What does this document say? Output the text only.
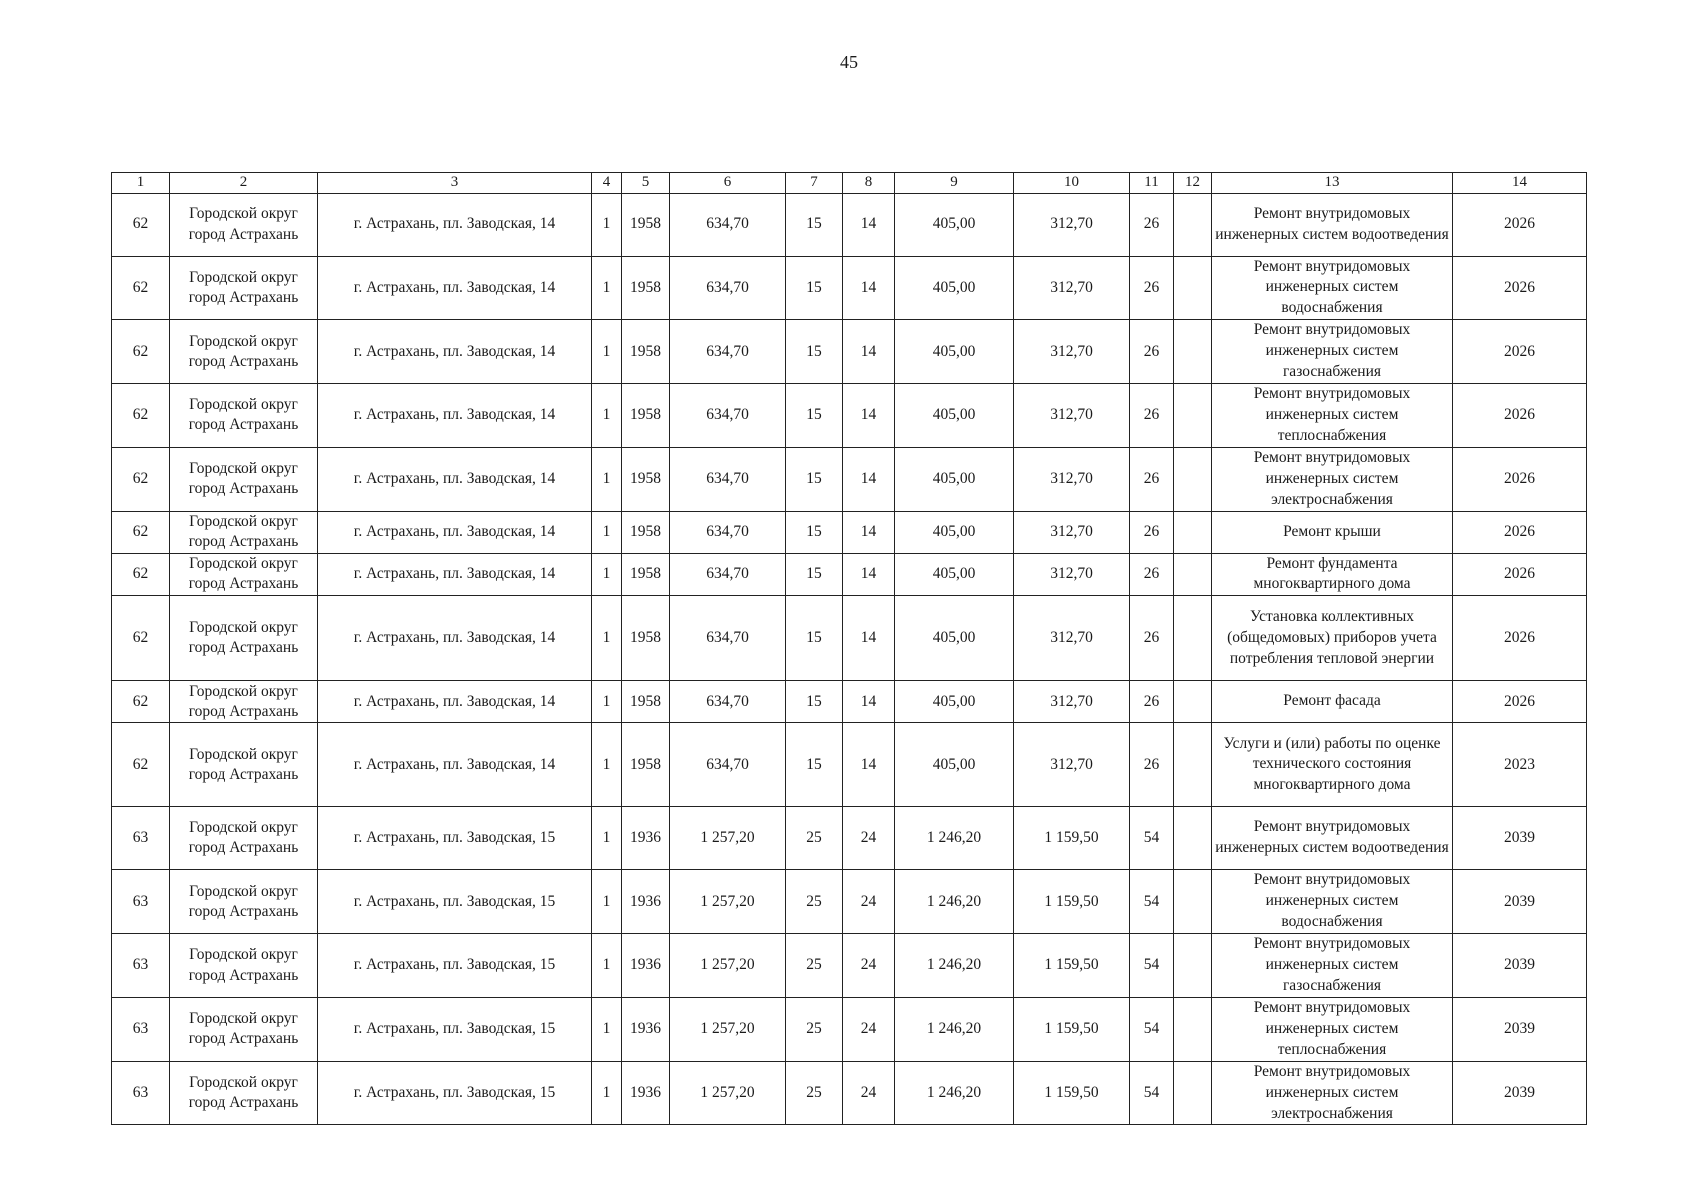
45
1	2	3	4	5	6	7	8	9	10	11	12	13	14
62	Городской округ город Астрахань	г. Астрахань, пл. Заводская, 14	1	1958	634,70	15	14	405,00	312,70	26		Ремонт внутридомовых инженерных систем водоотведения	2026
62	Городской округ город Астрахань	г. Астрахань, пл. Заводская, 14	1	1958	634,70	15	14	405,00	312,70	26		Ремонт внутридомовых инженерных систем водоснабжения	2026
62	Городской округ город Астрахань	г. Астрахань, пл. Заводская, 14	1	1958	634,70	15	14	405,00	312,70	26		Ремонт внутридомовых инженерных систем газоснабжения	2026
62	Городской округ город Астрахань	г. Астрахань, пл. Заводская, 14	1	1958	634,70	15	14	405,00	312,70	26		Ремонт внутридомовых инженерных систем теплоснабжения	2026
62	Городской округ город Астрахань	г. Астрахань, пл. Заводская, 14	1	1958	634,70	15	14	405,00	312,70	26		Ремонт внутридомовых инженерных систем электроснабжения	2026
62	Городской округ город Астрахань	г. Астрахань, пл. Заводская, 14	1	1958	634,70	15	14	405,00	312,70	26		Ремонт крыши	2026
62	Городской округ город Астрахань	г. Астрахань, пл. Заводская, 14	1	1958	634,70	15	14	405,00	312,70	26		Ремонт фундамента многоквартирного дома	2026
62	Городской округ город Астрахань	г. Астрахань, пл. Заводская, 14	1	1958	634,70	15	14	405,00	312,70	26		Установка коллективных (общедомовых) приборов учета потребления тепловой энергии	2026
62	Городской округ город Астрахань	г. Астрахань, пл. Заводская, 14	1	1958	634,70	15	14	405,00	312,70	26		Ремонт фасада	2026
62	Городской округ город Астрахань	г. Астрахань, пл. Заводская, 14	1	1958	634,70	15	14	405,00	312,70	26		Услуги и (или) работы по оценке технического состояния многоквартирного дома	2023
63	Городской округ город Астрахань	г. Астрахань, пл. Заводская, 15	1	1936	1 257,20	25	24	1 246,20	1 159,50	54		Ремонт внутридомовых инженерных систем водоотведения	2039
63	Городской округ город Астрахань	г. Астрахань, пл. Заводская, 15	1	1936	1 257,20	25	24	1 246,20	1 159,50	54		Ремонт внутридомовых инженерных систем водоснабжения	2039
63	Городской округ город Астрахань	г. Астрахань, пл. Заводская, 15	1	1936	1 257,20	25	24	1 246,20	1 159,50	54		Ремонт внутридомовых инженерных систем газоснабжения	2039
63	Городской округ город Астрахань	г. Астрахань, пл. Заводская, 15	1	1936	1 257,20	25	24	1 246,20	1 159,50	54		Ремонт внутридомовых инженерных систем теплоснабжения	2039
63	Городской округ город Астрахань	г. Астрахань, пл. Заводская, 15	1	1936	1 257,20	25	24	1 246,20	1 159,50	54		Ремонт внутридомовых инженерных систем электроснабжения	2039
